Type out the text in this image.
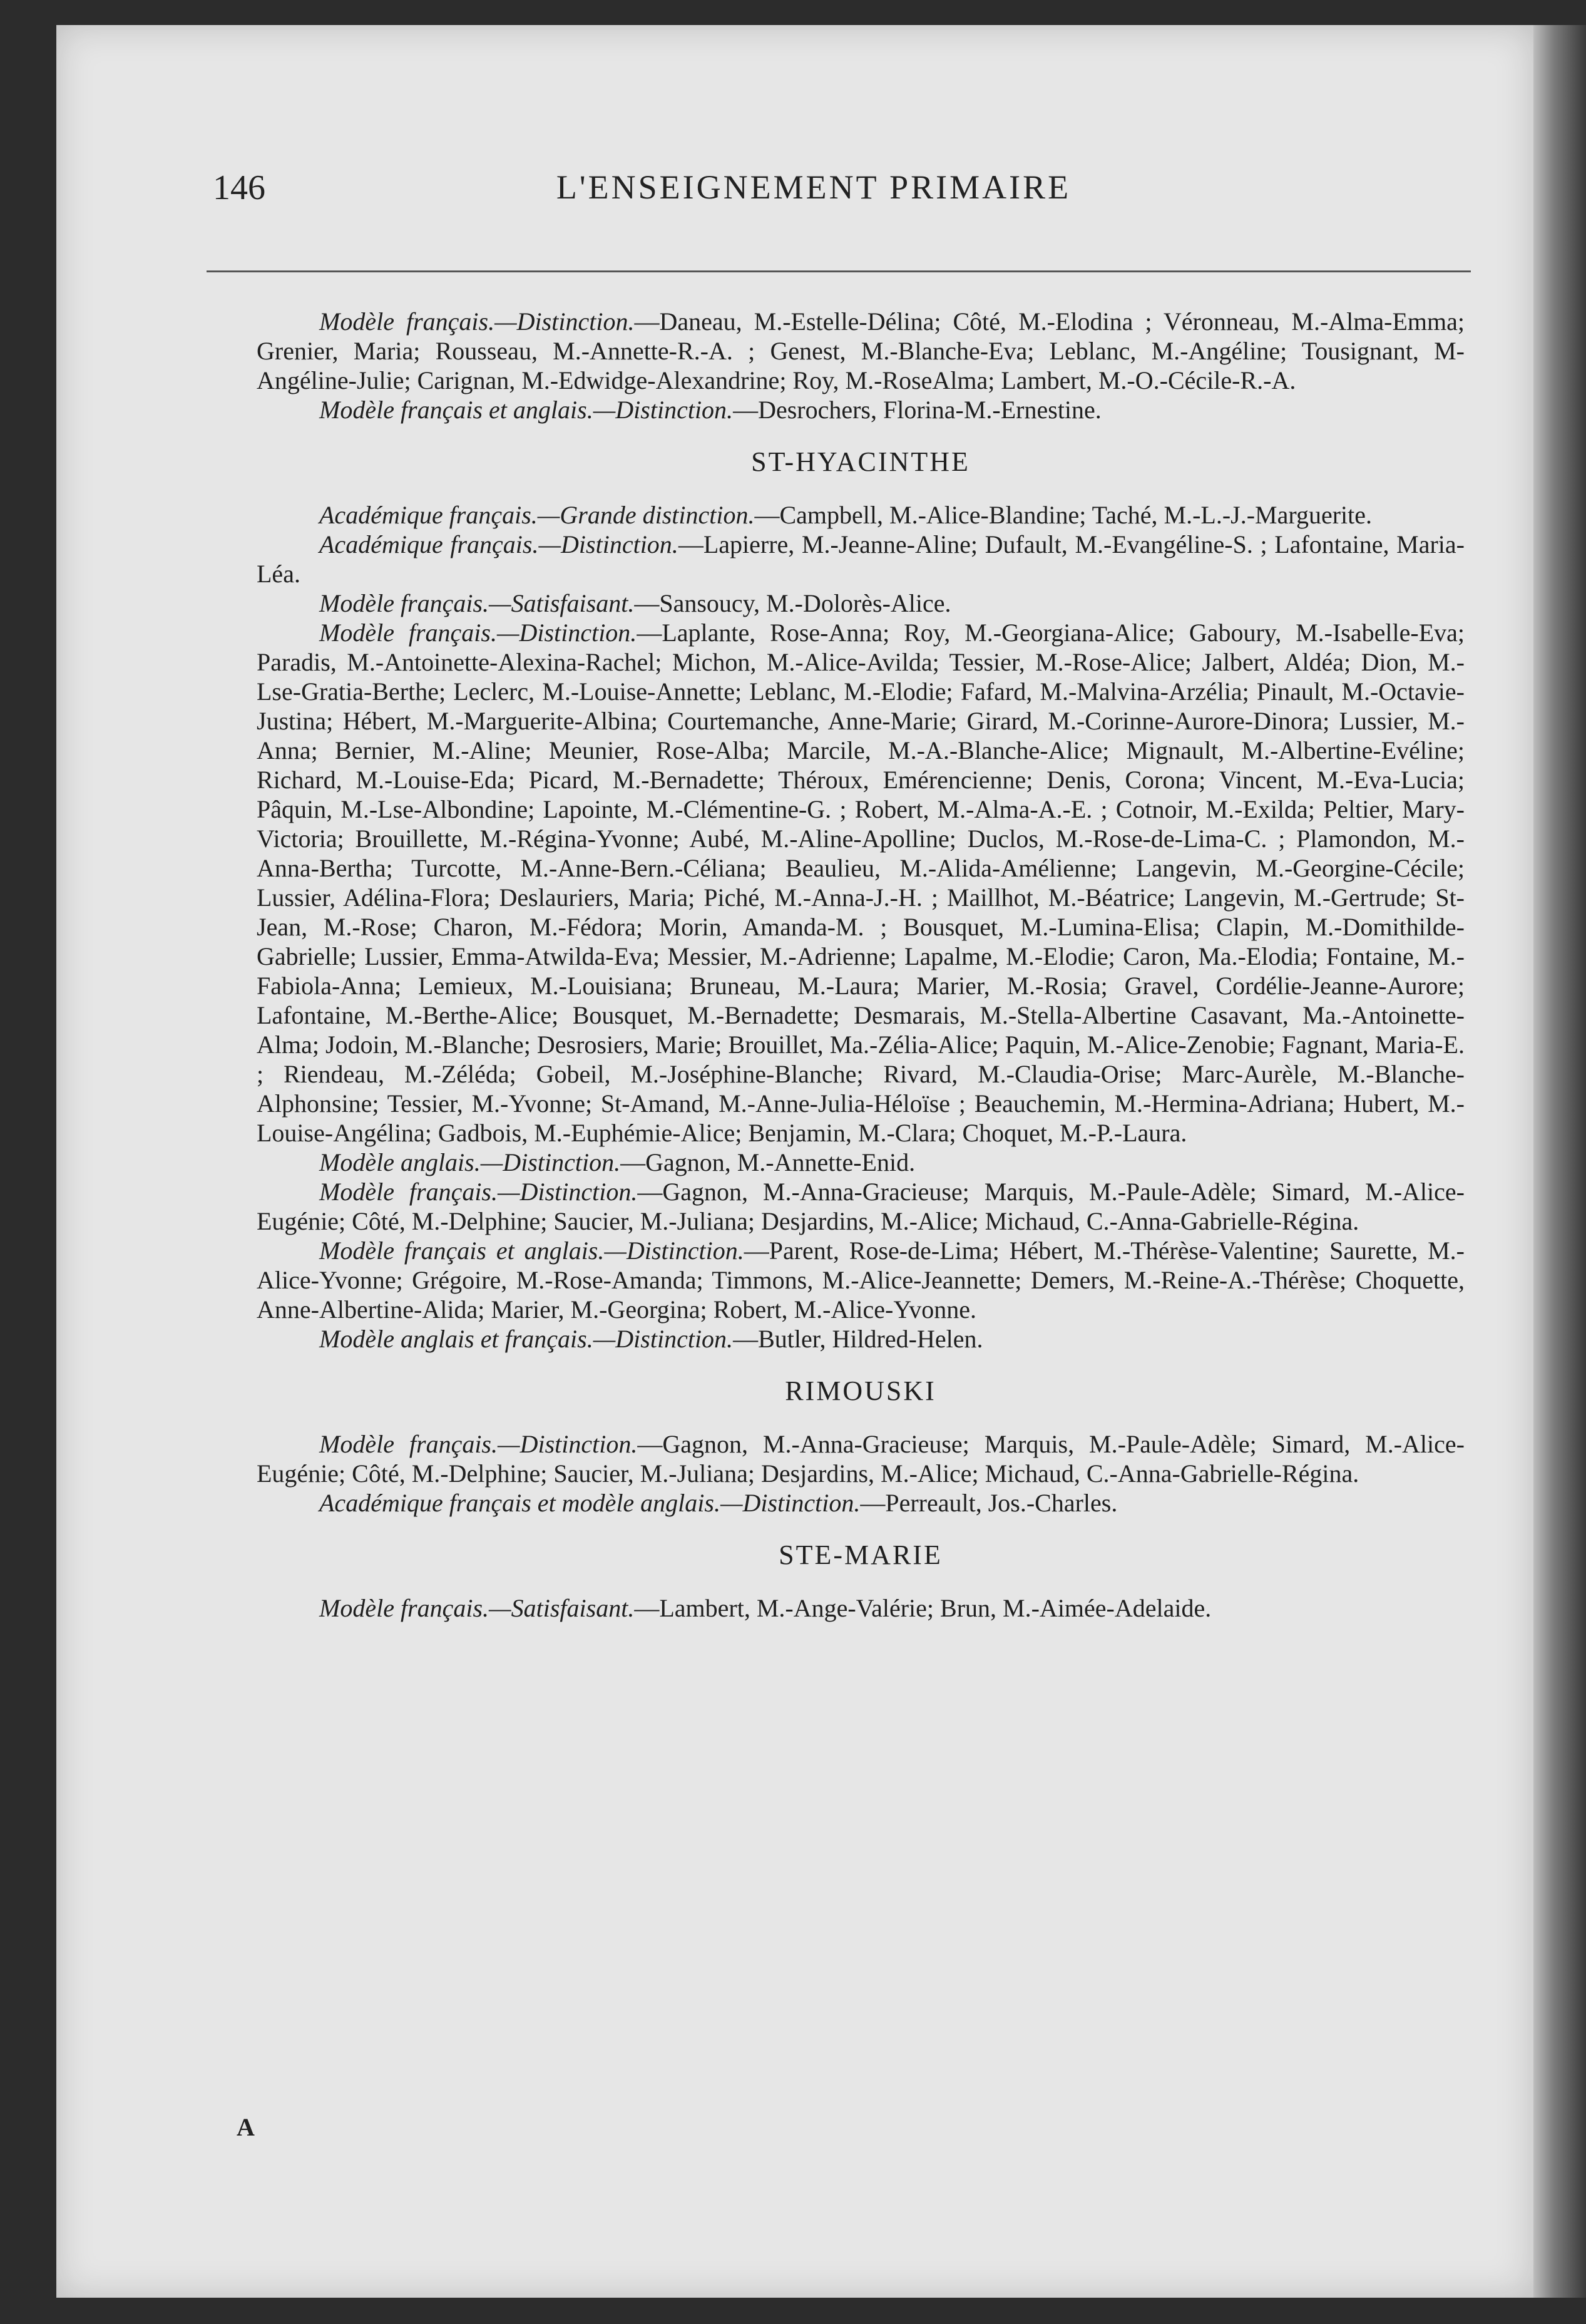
146	L'ENSEIGNEMENT PRIMAIRE

Modèle français.—Distinction.—Daneau, M.-Estelle-Délina; Côté, M.-Elodina ; Véronneau, M.-Alma-Emma; Grenier, Maria; Rousseau, M.-Annette-R.-A. ; Genest, M.-Blanche-Eva; Leblanc, M.-Angéline; Tousignant, M-Angéline-Julie; Carignan, M.-Edwidge-Alexandrine; Roy, M.-RoseAlma; Lambert, M.-O.-Cécile-R.-A.

Modèle français et anglais.—Distinction.—Desrochers, Florina-M.-Ernestine.

ST-HYACINTHE

Académique français.—Grande distinction.—Campbell, M.-Alice-Blandine; Taché, M.-L.-J.-Marguerite.

Académique français.—Distinction.—Lapierre, M.-Jeanne-Aline; Dufault, M.-Evangéline-S. ; Lafontaine, Maria-Léa.

Modèle français.—Satisfaisant.—Sansoucy, M.-Dolorès-Alice.

Modèle français.—Distinction.—Laplante, Rose-Anna; Roy, M.-Georgiana-Alice; Gaboury, M.-Isabelle-Eva; Paradis, M.-Antoinette-Alexina-Rachel; Michon, M.-Alice-Avilda; Tessier, M.-Rose-Alice; Jalbert, Aldéa; Dion, M.-Lse-Gratia-Berthe; Leclerc, M.-Louise-Annette; Leblanc, M.-Elodie; Fafard, M.-Malvina-Arzélia; Pinault, M.-Octavie-Justina; Hébert, M.-Marguerite-Albina; Courtemanche, Anne-Marie; Girard, M.-Corinne-Aurore-Dinora; Lussier, M.-Anna; Bernier, M.-Aline; Meunier, Rose-Alba; Marcile, M.-A.-Blanche-Alice; Mignault, M.-Albertine-Evéline; Richard, M.-Louise-Eda; Picard, M.-Bernadette; Théroux, Emérencienne; Denis, Corona; Vincent, M.-Eva-Lucia; Pâquin, M.-Lse-Albondine; Lapointe, M.-Clémentine-G. ; Robert, M.-Alma-A.-E. ; Cotnoir, M.-Exilda; Peltier, Mary-Victoria; Brouillette, M.-Régina-Yvonne; Aubé, M.-Aline-Apolline; Duclos, M.-Rose-de-Lima-C. ; Plamondon, M.-Anna-Bertha; Turcotte, M.-Anne-Bern.-Céliana; Beaulieu, M.-Alida-Amélienne; Langevin, M.-Georgine-Cécile; Lussier, Adélina-Flora; Deslauriers, Maria; Piché, M.-Anna-J.-H. ; Maillhot, M.-Béatrice; Langevin, M.-Gertrude; St-Jean, M.-Rose; Charon, M.-Fédora; Morin, Amanda-M. ; Bousquet, M.-Lumina-Elisa; Clapin, M.-Domithilde-Gabrielle; Lussier, Emma-Atwilda-Eva; Messier, M.-Adrienne; Lapalme, M.-Elodie; Caron, Ma.-Elodia; Fontaine, M.-Fabiola-Anna; Lemieux, M.-Louisiana; Bruneau, M.-Laura; Marier, M.-Rosia; Gravel, Cordélie-Jeanne-Aurore; Lafontaine, M.-Berthe-Alice; Bousquet, M.-Bernadette; Desmarais, M.-Stella-Albertine Casavant, Ma.-Antoinette-Alma; Jodoin, M.-Blanche; Desrosiers, Marie; Brouillet, Ma.-Zélia-Alice; Paquin, M.-Alice-Zenobie; Fagnant, Maria-E. ; Riendeau, M.-Zéléda; Gobeil, M.-Joséphine-Blanche; Rivard, M.-Claudia-Orise; Marc-Aurèle, M.-Blanche-Alphonsine; Tessier, M.-Yvonne; St-Amand, M.-Anne-Julia-Héloïse ; Beauchemin, M.-Hermina-Adriana; Hubert, M.-Louise-Angélina; Gadbois, M.-Euphémie-Alice; Benjamin, M.-Clara; Choquet, M.-P.-Laura.

Modèle anglais.—Distinction.—Gagnon, M.-Annette-Enid.

Modèle français.—Distinction.—Gagnon, M.-Anna-Gracieuse; Marquis, M.-Paule-Adèle; Simard, M.-Alice-Eugénie; Côté, M.-Delphine; Saucier, M.-Juliana; Desjardins, M.-Alice; Michaud, C.-Anna-Gabrielle-Régina.

Modèle français et anglais.—Distinction.—Parent, Rose-de-Lima; Hébert, M.-Thérèse-Valentine; Saurette, M.-Alice-Yvonne; Grégoire, M.-Rose-Amanda; Timmons, M.-Alice-Jeannette; Demers, M.-Reine-A.-Thérèse; Choquette, Anne-Albertine-Alida; Marier, M.-Georgina; Robert, M.-Alice-Yvonne.

Modèle anglais et français.—Distinction.—Butler, Hildred-Helen.

RIMOUSKI

Modèle français.—Distinction.—Gagnon, M.-Anna-Gracieuse; Marquis, M.-Paule-Adèle; Simard, M.-Alice-Eugénie; Côté, M.-Delphine; Saucier, M.-Juliana; Desjardins, M.-Alice; Michaud, C.-Anna-Gabrielle-Régina.

Académique français et modèle anglais.—Distinction.—Perreault, Jos.-Charles.

STE-MARIE

Modèle français.—Satisfaisant.—Lambert, M.-Ange-Valérie; Brun, M.-Aimée-Adelaide.

A
